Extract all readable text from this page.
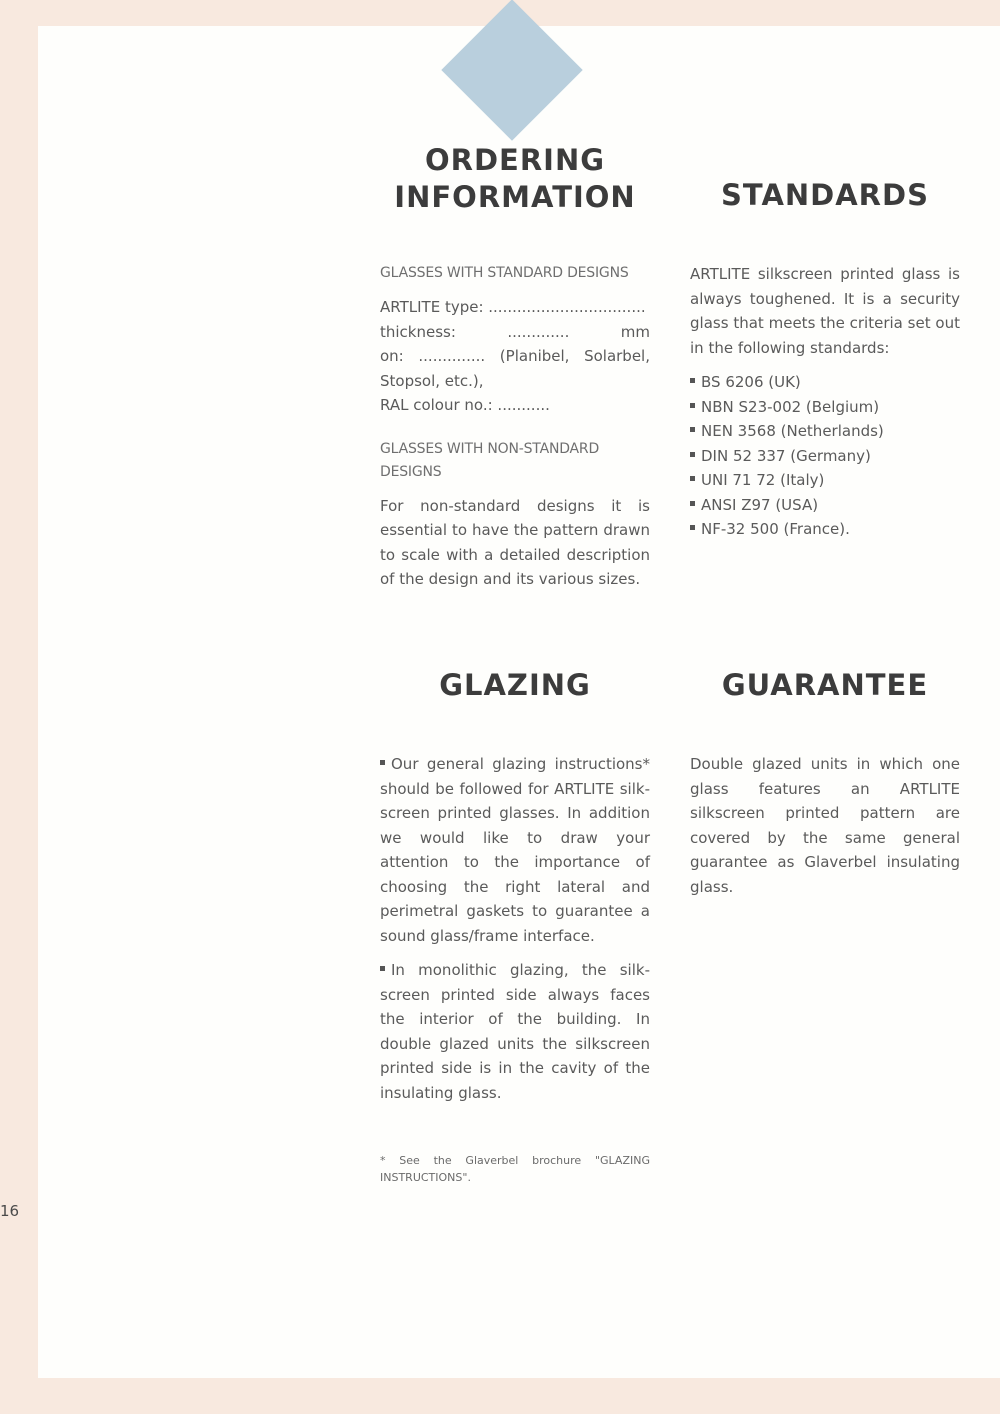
ORDERING
INFORMATION	STANDARDS
GLASSES WITH STANDARD DESIGNS

ARTLITE type: .................................

thickness: ............. mm

on: .............. (Planibel, Solarbel, Stopsol, etc.),

RAL colour no.: ...........

GLASSES WITH NON-STANDARD DESIGNS

For non-standard designs it is essential to have the pattern drawn to scale with a detailed description of the design and its various sizes.

ARTLITE silkscreen printed glass is always toughened. It is a security glass that meets the criteria set out in the following standards:

BS 6206 (UK)
NBN S23-002 (Belgium)
NEN 3568 (Netherlands)
DIN 52 337 (Germany)
UNI 71 72 (Italy)
ANSI Z97 (USA)
NF-32 500 (France).
GLAZING	GUARANTEE

Our general glazing instructions* should be followed for ARTLITE silk-screen printed glasses. In addition we would like to draw your attention to the importance of choosing the right lateral and perimetral gaskets to guarantee a sound glass/frame interface.

In monolithic glazing, the silk-screen printed side always faces the interior of the building. In double glazed units the silkscreen printed side is in the cavity of the insulating glass.

Double glazed units in which one glass features an ARTLITE silkscreen printed pattern are covered by the same general guarantee as Glaverbel insulating glass.

* See the Glaverbel brochure "GLAZING INSTRUCTIONS".
16
